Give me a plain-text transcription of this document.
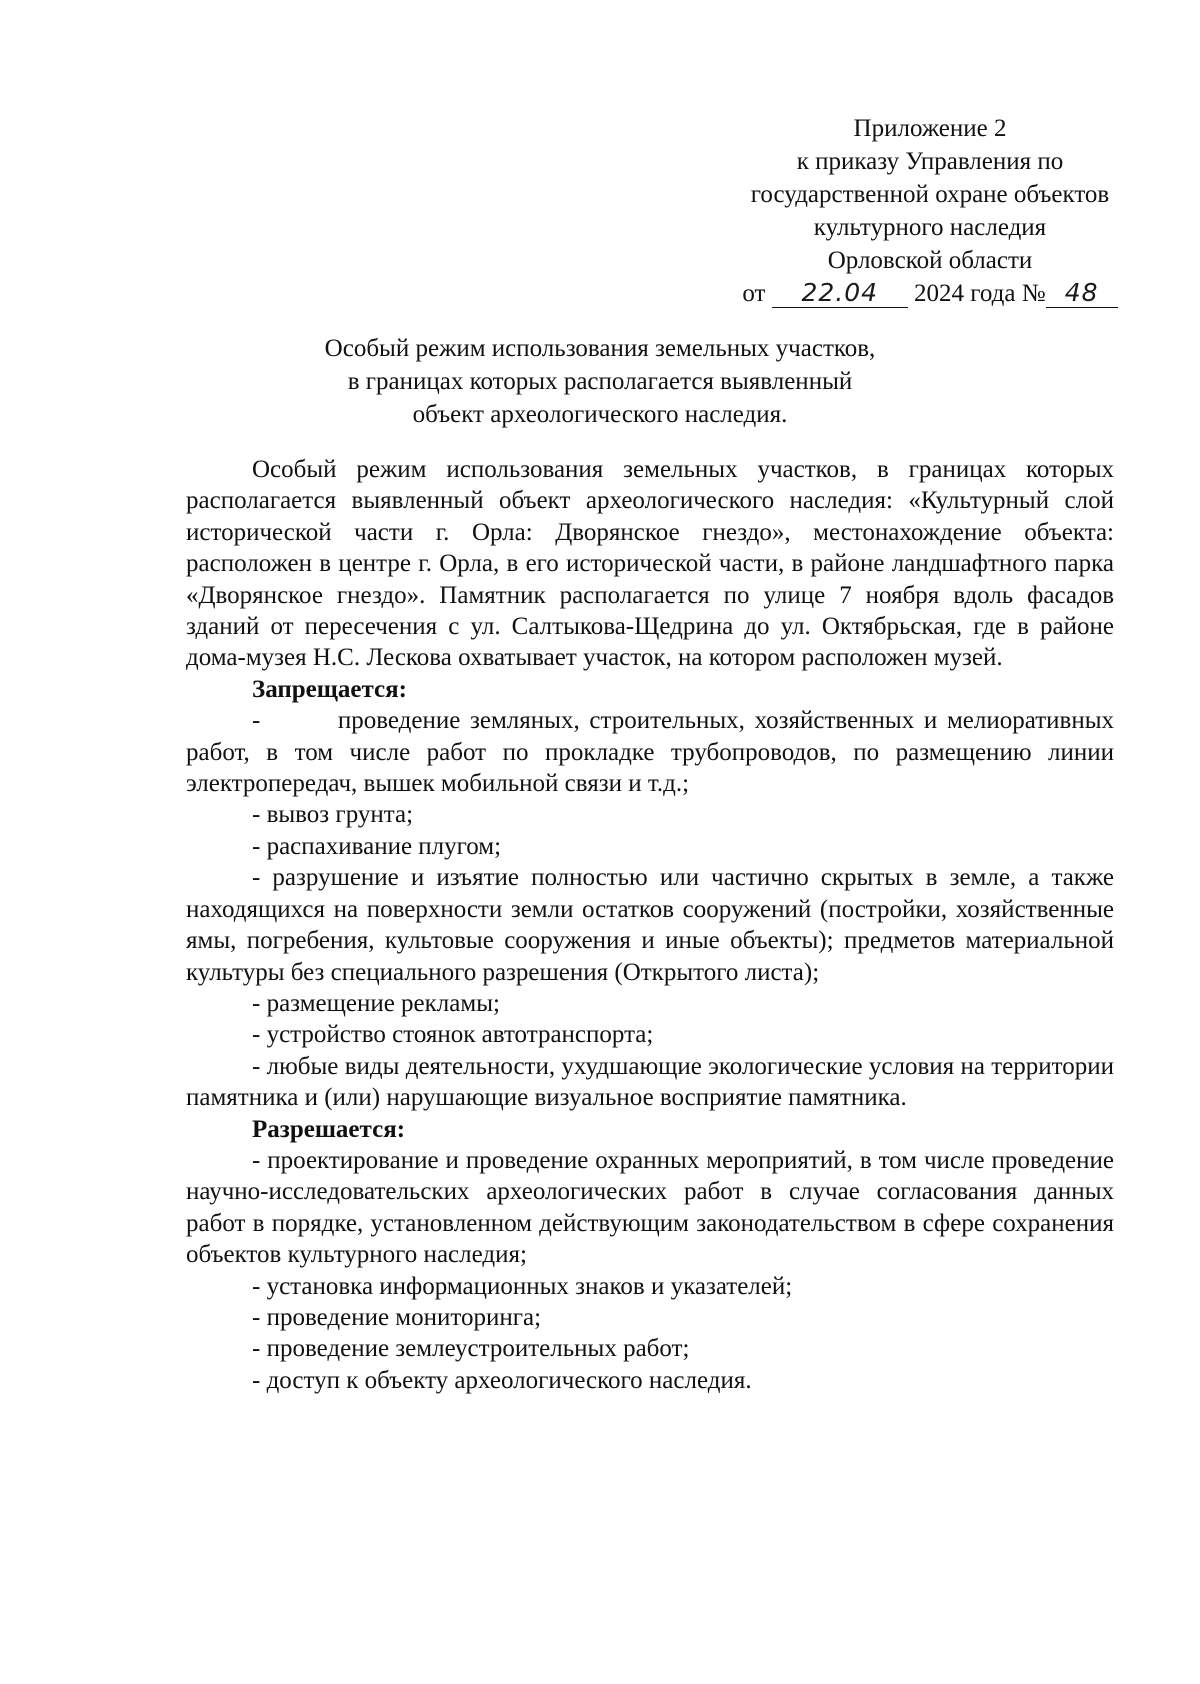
Приложение 2
к приказу Управления по
государственной охране объектов
культурного наследия
Орловской области
от 22.04 2024 года № 48
Особый режим использования земельных участков,
в границах которых располагается выявленный
объект археологического наследия.

Особый режим использования земельных участков, в границах которых располагается выявленный объект археологического наследия: «Культурный слой исторической части г. Орла: Дворянское гнездо», местонахождение объекта: расположен в центре г. Орла, в его исторической части, в районе ландшафтного парка «Дворянское гнездо». Памятник располагается по улице 7 ноября вдоль фасадов зданий от пересечения с ул. Салтыкова-Щедрина до ул. Октябрьская, где в районе дома-музея Н.С. Лескова охватывает участок, на котором расположен музей.

Запрещается:

-        проведение земляных, строительных, хозяйственных и мелиоративных работ, в том числе работ по прокладке трубопроводов, по размещению линии электропередач, вышек мобильной связи и т.д.;

- вывоз грунта;

- распахивание плугом;

- разрушение и изъятие полностью или частично скрытых в земле, а также находящихся на поверхности земли остатков сооружений (постройки, хозяйственные ямы, погребения, культовые сооружения и иные объекты); предметов материальной культуры без специального разрешения (Открытого листа);

- размещение рекламы;

- устройство стоянок автотранспорта;

- любые виды деятельности, ухудшающие экологические условия на территории памятника и (или) нарушающие визуальное восприятие памятника.

Разрешается:

- проектирование и проведение охранных мероприятий, в том числе проведение научно-исследовательских археологических работ в случае согласования данных работ в порядке, установленном действующим законодательством в сфере сохранения объектов культурного наследия;

- установка информационных знаков и указателей;

- проведение мониторинга;

- проведение землеустроительных работ;

- доступ к объекту археологического наследия.
